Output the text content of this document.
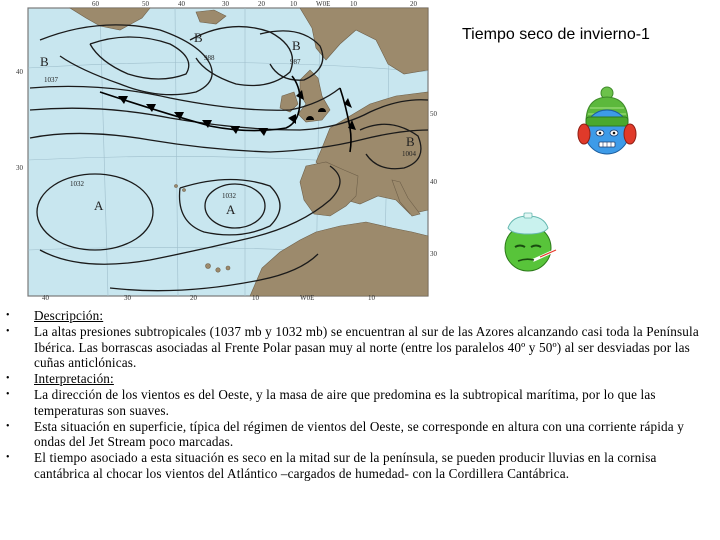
B
B
988
B
987
B
1004
A
1032
A
1032
1037
60	50	40	30	20	10	W0E	10	20
40	30	20	10	W0E	10
40
30
50
40
30
Tiempo seco de invierno-1
•	Descripción:
•	La altas presiones subtropicales (1037 mb y 1032 mb) se encuentran al sur de las Azores alcanzando casi toda la Península Ibérica. Las borrascas asociadas al Frente Polar pasan muy al norte (entre los paralelos 40º y 50º) al ser desviadas por las cuñas anticlónicas.
•	Interpretación:
•	La dirección de los vientos es del Oeste, y la masa de aire que predomina es la subtropical marítima, por lo que las temperaturas son suaves.
•	Esta situación en superficie, típica del régimen de vientos del Oeste, se corresponde en altura con una corriente rápida y ondas del Jet Stream poco marcadas.
•	El tiempo asociado a esta situación es seco en la mitad sur de la península, se pueden producir lluvias en la cornisa cantábrica al chocar los vientos del Atlántico –cargados de humedad- con la Cordillera Cantábrica.
